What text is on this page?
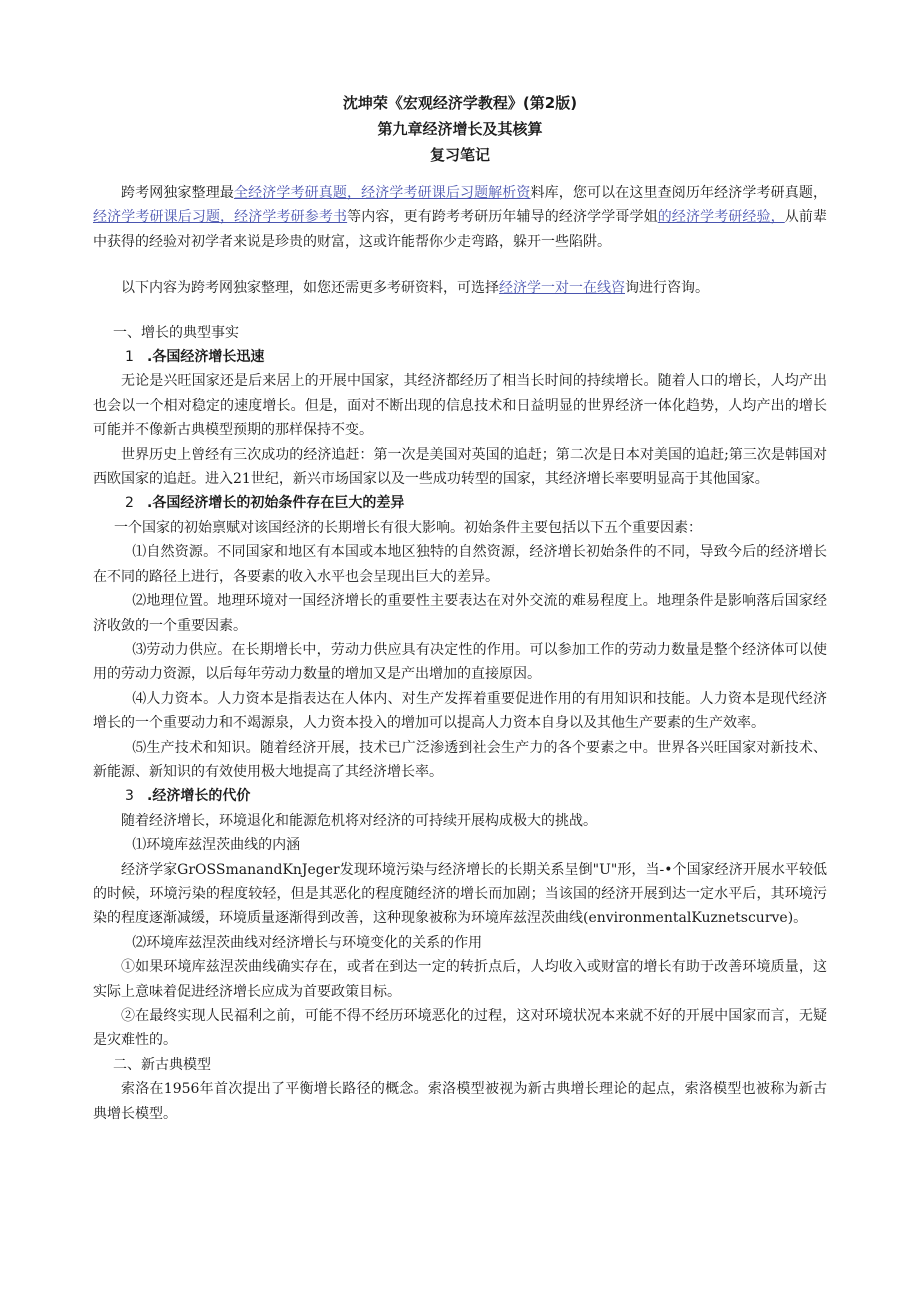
沈坤荣《宏观经济学教程》(第2版)
第九章经济增长及其核算
复习笔记

跨考网独家整理最全经济学考研真题，经济学考研课后习题解析资料库，您可以在这里查阅历年经济学考研真题，经济学考研课后习题，经济学考研参考书等内容，更有跨考考研历年辅导的经济学学哥学姐的经济学考研经验，从前辈中获得的经验对初学者来说是珍贵的财富，这或许能帮你少走弯路，躲开一些陷阱。

以下内容为跨考网独家整理，如您还需更多考研资料，可选择经济学一对一在线咨询进行咨询。

一、增长的典型事实
1 .各国经济增长迅速

无论是兴旺国家还是后来居上的开展中国家，其经济都经历了相当长时间的持续增长。随着人口的增长，人均产出也会以一个相对稳定的速度增长。但是，面对不断出现的信息技术和日益明显的世界经济一体化趋势，人均产出的增长可能并不像新古典模型预期的那样保持不变。

世界历史上曾经有三次成功的经济追赶：第一次是美国对英国的追赶；第二次是日本对美国的追赶;第三次是韩国对西欧国家的追赶。进入21世纪，新兴市场国家以及一些成功转型的国家，其经济增长率要明显高于其他国家。

2 .各国经济增长的初始条件存在巨大的差异

一个国家的初始禀赋对该国经济的长期增长有很大影响。初始条件主要包括以下五个重要因素：

⑴自然资源。不同国家和地区有本国或本地区独特的自然资源，经济增长初始条件的不同，导致今后的经济增长在不同的路径上进行，各要素的收入水平也会呈现出巨大的差异。

⑵地理位置。地理环境对一国经济增长的重要性主要表达在对外交流的难易程度上。地理条件是影响落后国家经济收敛的一个重要因素。

⑶劳动力供应。在长期增长中，劳动力供应具有决定性的作用。可以参加工作的劳动力数量是整个经济体可以使用的劳动力资源，以后每年劳动力数量的增加又是产出增加的直接原因。

⑷人力资本。人力资本是指表达在人体内、对生产发挥着重要促进作用的有用知识和技能。人力资本是现代经济增长的一个重要动力和不竭源泉，人力资本投入的增加可以提高人力资本自身以及其他生产要素的生产效率。

⑸生产技术和知识。随着经济开展，技术已广泛渗透到社会生产力的各个要素之中。世界各兴旺国家对新技术、新能源、新知识的有效使用极大地提高了其经济增长率。

3 .经济增长的代价

随着经济增长，环境退化和能源危机将对经济的可持续开展构成极大的挑战。

⑴环境库兹涅茨曲线的内涵

经济学家GrOSSmanandKnJeger发现环境污染与经济增长的长期关系呈倒"U"形，当-•个国家经济开展水平较低的时候，环境污染的程度较轻，但是其恶化的程度随经济的增长而加剧；当该国的经济开展到达一定水平后，其环境污染的程度逐渐减缓，环境质量逐渐得到改善，这种现象被称为环境库兹涅茨曲线(environmentalKuznetscurve)。

⑵环境库兹涅茨曲线对经济增长与环境变化的关系的作用

①如果环境库兹涅茨曲线确实存在，或者在到达一定的转折点后，人均收入或财富的增长有助于改善环境质量，这实际上意味着促进经济增长应成为首要政策目标。

②在最终实现人民福利之前，可能不得不经历环境恶化的过程，这对环境状况本来就不好的开展中国家而言，无疑是灾难性的。

二、新古典模型

索洛在1956年首次提出了平衡增长路径的概念。索洛模型被视为新古典增长理论的起点，索洛模型也被称为新古典增长模型。
